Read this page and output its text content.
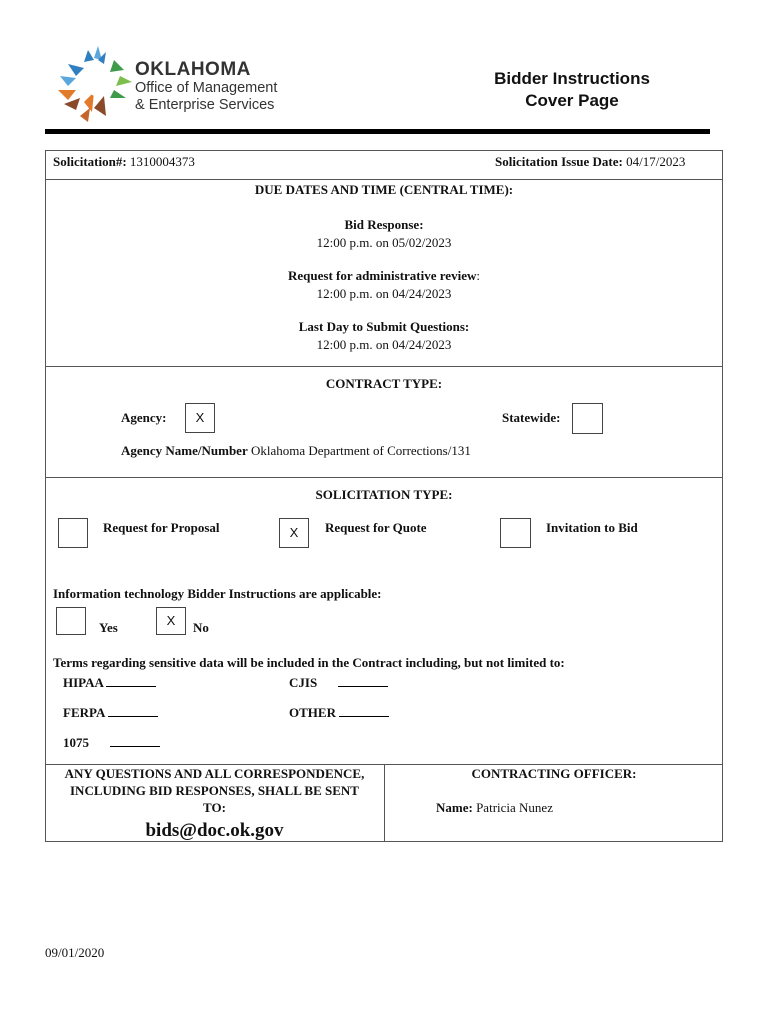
OKLAHOMA
Office of Management
& Enterprise Services
Bidder Instructions
Cover Page
Solicitation#: 1310004373	Solicitation Issue Date: 04/17/2023
DUE DATES AND TIME (CENTRAL TIME):
Bid Response:
12:00 p.m. on 05/02/2023
Request for administrative review:
12:00 p.m. on 04/24/2023
Last Day to Submit Questions:
12:00 p.m. on 04/24/2023
CONTRACT TYPE:
Agency:	X	Statewide:
Agency Name/Number Oklahoma Department of Corrections/131
SOLICITATION TYPE:
Request for Proposal	X	Request for Quote	Invitation to Bid
Information technology Bidder Instructions are applicable:
Yes	X	No
Terms regarding sensitive data will be included in the Contract including, but not limited to:
HIPAA	CJIS
FERPA	OTHER
1075
ANY QUESTIONS AND ALL CORRESPONDENCE,
INCLUDING BID RESPONSES, SHALL BE SENT
TO:
bids@doc.ok.gov
CONTRACTING OFFICER:
Name: Patricia Nunez
09/01/2020
